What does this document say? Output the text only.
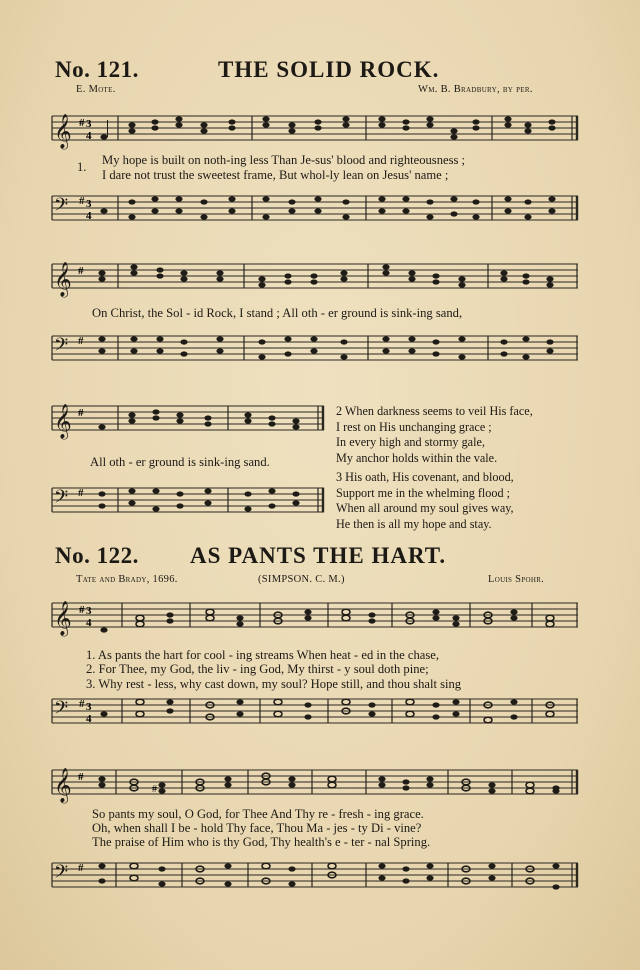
No. 121.	THE SOLID ROCK.
E. Mote.	Wm. B. Bradbury, by per.
𝄞 # 3
4
1. My hope is built on noth-ing less Than Je-sus' blood and righteousness ;
I dare not trust the sweetest frame, But whol-ly lean on Jesus' name ;
𝄢 # 3
4
𝄞 #
On Christ, the Sol - id Rock, I stand ; All oth - er ground is sink-ing sand,
𝄢 #
𝄞 #
All oth - er ground is sink-ing sand.
𝄢 #
2 When darkness seems to veil His face,
I rest on His unchanging grace ;
In every high and stormy gale,
My anchor holds within the vale.
3 His oath, His covenant, and blood,
Support me in the whelming flood ;
When all around my soul gives way,
He then is all my hope and stay.
No. 122. AS PANTS THE HART.
Tate and Brady, 1696.	(SIMPSON. C. M.)	Louis Spohr.
𝄞 # 3
4
1. As pants the hart for cool - ing streams When heat - ed in the chase,
2. For Thee, my God, the liv - ing God, My thirst - y soul doth pine;
3. Why rest - less, why cast down, my soul? Hope still, and thou shalt sing
𝄢 # 3
4
𝄞 #
#
So pants my soul, O God, for Thee And Thy re - fresh - ing grace.
Oh, when shall I be - hold Thy face, Thou Ma - jes - ty Di - vine?
The praise of Him who is thy God, Thy health's e - ter - nal Spring.
𝄢 #
